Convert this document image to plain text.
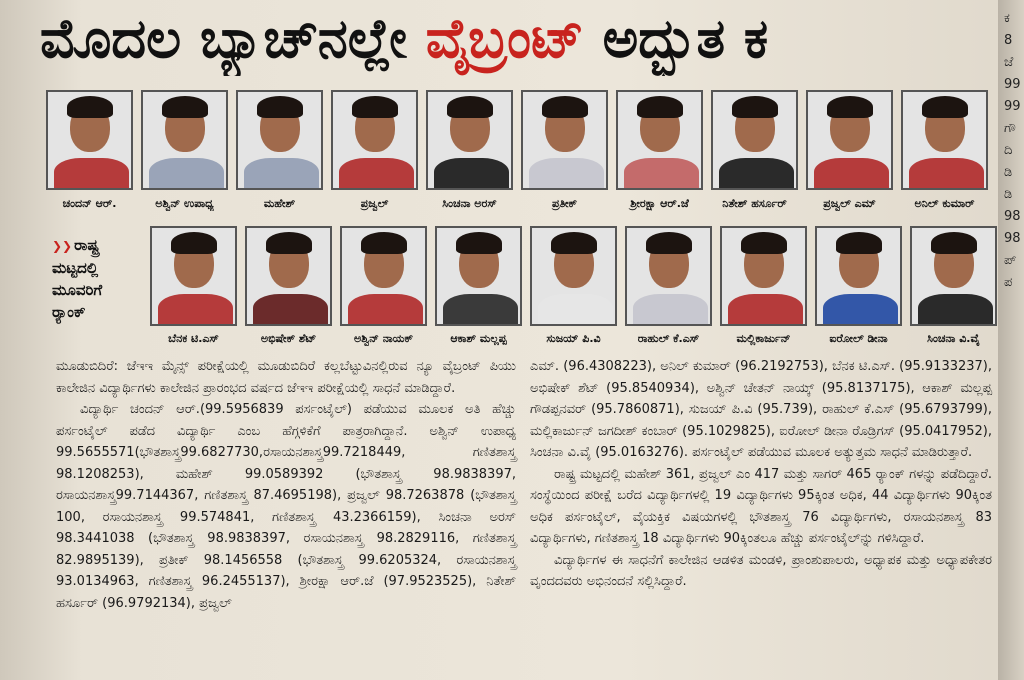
ಮೊದಲ ಬ್ಯಾಚ್‌ನಲ್ಲೇ ವೈಬ್ರಂಟ್ ಅದ್ಭುತ ಕ
ಚಂದನ್ ಆರ್.	ಅಶ್ವಿನ್ ಉಪಾಧ್ಯ	ಮಹೇಶ್	ಪ್ರಜ್ವಲ್	ಸಿಂಚನಾ ಅರಸ್	ಪ್ರತೀಕ್	ಶ್ರೀರಕ್ಷಾ ಆರ್.ಜೆ	ನಿತೇಶ್ ಹರ್ಸೂರ್	ಪ್ರಜ್ವಲ್ ಎಮ್	ಅನಿಲ್ ಕುಮಾರ್
❯❯ ರಾಷ್ಟ್ರ
ಮಟ್ಟದಲ್ಲಿ
ಮೂವರಿಗೆ
ರ್‍ಯಾಂಕ್
ಬೆನಕ ಟಿ.ಎಸ್	ಅಭಿಷೇಕ್ ಶೆಟ್	ಅಶ್ವಿನ್ ನಾಯಕ್	ಆಕಾಶ್ ಮಲ್ಲಪ್ಪ	ಸುಜಯ್ ಪಿ.ವಿ	ರಾಹುಲ್ ಕೆ.ಎಸ್	ಮಲ್ಲಿಕಾರ್ಜುನ್	ಐರೋಲ್ ಡೀನಾ	ಸಿಂಚನಾ ವಿ.ವೈ

ಮೂಡುಬಿದಿರೆ: ಜೆಇಇ ಮೈನ್ಸ್ ಪರೀಕ್ಷೆಯಲ್ಲಿ ಮೂಡುಬಿದಿರೆ ಕಲ್ಲಬೆಟ್ಟುವಿನಲ್ಲಿರುವ ನ್ಯೂ ವೈಬ್ರಂಟ್ ಪಿಯು ಕಾಲೇಜಿನ ವಿದ್ಯಾರ್ಥಿಗಳು ಕಾಲೇಜಿನ ಪ್ರಾರಂಭದ ವರ್ಷದ ಜೆಇಇ ಪರೀಕ್ಷೆಯಲ್ಲಿ ಸಾಧನೆ ಮಾಡಿದ್ದಾರೆ.

ವಿದ್ಯಾರ್ಥಿ ಚಂದನ್ ಆರ್.(99.5956839 ಪರ್ಸಂಟೈಲ್) ಪಡೆಯುವ ಮೂಲಕ ಅತಿ ಹೆಚ್ಚು ಪರ್ಸಂಟೈಲ್ ಪಡೆದ ವಿದ್ಯಾರ್ಥಿ ಎಂಬ ಹೆಗ್ಗಳಿಕೆಗೆ ಪಾತ್ರರಾಗಿದ್ದಾನೆ. ಅಶ್ವಿನ್ ಉಪಾಧ್ಯ 99.5655571(ಭೌತಶಾಸ್ತ್ರ99.6827730,ರಸಾಯನಶಾಸ್ತ್ರ99.7218449, ಗಣಿತಶಾಸ್ತ್ರ 98.1208253), ಮಹೇಶ್ 99.0589392 (ಭೌತಶಾಸ್ತ್ರ 98.9838397, ರಸಾಯನಶಾಸ್ತ್ರ99.7144367, ಗಣಿತಶಾಸ್ತ್ರ 87.4695198), ಪ್ರಜ್ವಲ್ 98.7263878 (ಭೌತಶಾಸ್ತ್ರ 100, ರಸಾಯನಶಾಸ್ತ್ರ 99.574841, ಗಣಿತಶಾಸ್ತ್ರ 43.2366159), ಸಿಂಚನಾ ಅರಸ್ 98.3441038 (ಭೌತಶಾಸ್ತ್ರ 98.9838397, ರಸಾಯನಶಾಸ್ತ್ರ 98.2829116, ಗಣಿತಶಾಸ್ತ್ರ 82.9895139), ಪ್ರತೀಕ್ 98.1456558 (ಭೌತಶಾಸ್ತ್ರ 99.6205324, ರಸಾಯನಶಾಸ್ತ್ರ 93.0134963, ಗಣಿತಶಾಸ್ತ್ರ 96.2455137), ಶ್ರೀರಕ್ಷಾ ಆರ್.ಜೆ (97.9523525), ನಿತೇಶ್ ಹರ್ಸೂರ್ (96.9792134), ಪ್ರಜ್ವಲ್

ಎಮ್. (96.4308223), ಅನಿಲ್ ಕುಮಾರ್ (96.2192753), ಬೆನಕ ಟಿ.ಎಸ್. (95.9133237), ಅಭಿಷೇಕ್ ಶೆಟ್ (95.8540934), ಅಶ್ವಿನ್ ಚೇತನ್ ನಾಯ್ಕ್ (95.8137175), ಆಕಾಶ್ ಮಲ್ಲಪ್ಪ ಗೌಡಪ್ಪನವರ್ (95.7860871), ಸುಜಯ್ ಪಿ.ವಿ (95.739), ರಾಹುಲ್ ಕೆ.ಎಸ್ (95.6793799), ಮಲ್ಲಿಕಾರ್ಜುನ್ ಜಗದೀಶ್ ಕಂಬಾರ್ (95.1029825), ಐರೋಲ್ ಡೀನಾ ರೊಡ್ರಿಗಸ್ (95.0417952), ಸಿಂಚನಾ ವಿ.ವೈ (95.0163276). ಪರ್ಸಂಟೈಲ್ ಪಡೆಯುವ ಮೂಲಕ ಅತ್ಯುತ್ತಮ ಸಾಧನೆ ಮಾಡಿರುತ್ತಾರೆ.

ರಾಷ್ಟ್ರ ಮಟ್ಟದಲ್ಲಿ ಮಹೇಶ್ 361, ಪ್ರಜ್ವಲ್ ಎಂ 417 ಮತ್ತು ಸಾಗರ್ 465 ರ್‍ಯಾಂಕ್ ಗಳನ್ನು ಪಡೆದಿದ್ದಾರೆ. ಸಂಸ್ಥೆಯಿಂದ ಪರೀಕ್ಷೆ ಬರೆದ ವಿದ್ಯಾರ್ಥಿಗಳಲ್ಲಿ 19 ವಿದ್ಯಾರ್ಥಿಗಳು 95ಕ್ಕಿಂತ ಅಧಿಕ, 44 ವಿದ್ಯಾರ್ಥಿಗಳು 90ಕ್ಕಿಂತ ಅಧಿಕ ಪರ್ಸಂಟೈಲ್, ವೈಯಕ್ತಿಕ ವಿಷಯಗಳಲ್ಲಿ ಭೌತಶಾಸ್ತ್ರ 76 ವಿದ್ಯಾರ್ಥಿಗಳು, ರಸಾಯನಶಾಸ್ತ್ರ 83 ವಿದ್ಯಾರ್ಥಿಗಳು, ಗಣಿತಶಾಸ್ತ್ರ 18 ವಿದ್ಯಾರ್ಥಿಗಳು 90ಕ್ಕಿಂತಲೂ ಹೆಚ್ಚು ಪರ್ಸಂಟೈಲ್‌ನ್ನು ಗಳಿಸಿದ್ದಾರೆ.

ವಿದ್ಯಾರ್ಥಿಗಳ ಈ ಸಾಧನೆಗೆ ಕಾಲೇಜಿನ ಆಡಳಿತ ಮಂಡಳಿ, ಪ್ರಾಂಶುಪಾಲರು, ಅಧ್ಯಾಪಕ ಮತ್ತು ಅಧ್ಯಾಪಕೇತರ ವೃಂದದವರು ಅಭಿನಂದನೆ ಸಲ್ಲಿಸಿದ್ದಾರೆ.

ಕ
8
ಜೆ
99
99
ಗೌ
ದಿ
ಡಿ
ಡಿ
98
98
ಪ್
ಪ
